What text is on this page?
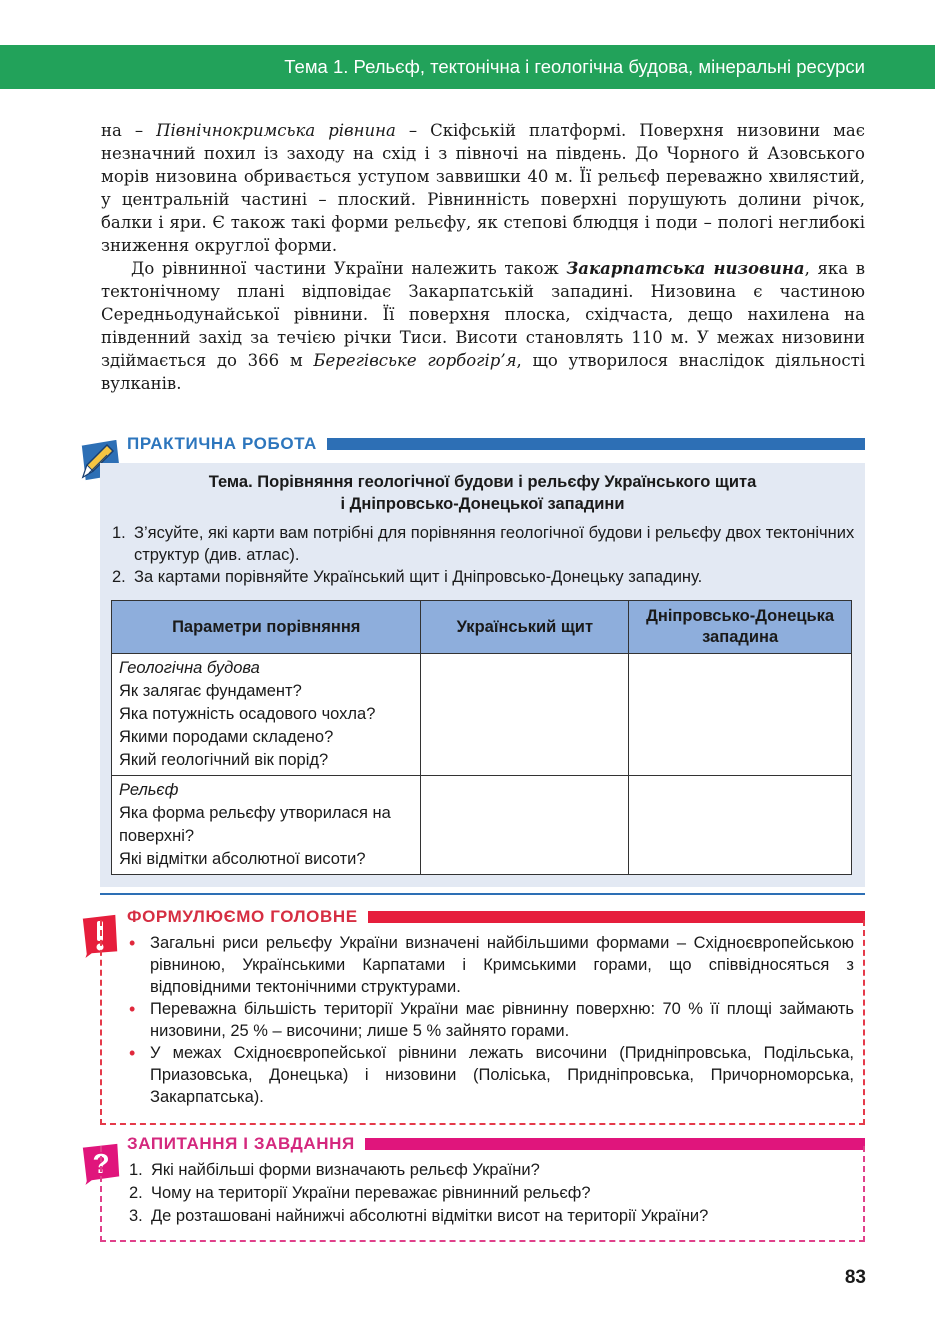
Тема 1. Рельєф, тектонічна і геологічна будова, мінеральні ресурси

на – Північнокримська рівнина – Скіфській платформі. Поверхня низовини має незначний похил із заходу на схід і з півночі на південь. До Чорного й Азовського морів низовина обривається уступом заввишки 40 м. Її рельєф переважно хвилястий, у центральній частині – плоский. Рівнинність поверхні порушують долини річок, балки і яри. Є також такі форми рельєфу, як степові блюдця і поди – пологі неглибокі зниження округлої форми.

До рівнинної частини України належить також Закарпатська низовина, яка в тектонічному плані відповідає Закарпатській западині. Низовина є частиною Середньодунайської рівнини. Її поверхня плоска, східчаста, дещо нахилена на південний захід за течією річки Тиси. Висоти становлять 110 м. У межах низовини здіймається до 366 м Берегівське горбогір’я, що утворилося внаслідок діяльності вулканів.

ПРАКТИЧНА РОБОТА
Тема. Порівняння геологічної будови і рельєфу Українського щита
і Дніпровсько-Донецької западини
1. З’ясуйте, які карти вам потрібні для порівняння геологічної будови і рельєфу двох тектонічних структур (див. атлас).
2. За картами порівняйте Український щит і Дніпровсько-Донецьку западину.
Параметри порівняння	Український щит	Дніпровсько-Донецька западина

Геологічна будова
Як залягає фундамент?
Яка потужність осадового чохла?
Якими породами складено?
Який геологічний вік порід?		

Рельєф
Яка форма рельєфу утворилася на поверхні?
Які відмітки абсолютної висоти?		

ФОРМУЛЮЄМО ГОЛОВНЕ
• Загальні риси рельєфу України визначені найбільшими формами – Східноєвропейською рівниною, Українськими Карпатами і Кримськими горами, що співвідносяться з відповідними тектонічними структурами.
• Переважна більшість території України має рівнинну поверхню: 70 % її площі займають низовини, 25 % – височини; лише 5 % зайнято горами.
• У межах Східноєвропейської рівнини лежать височини (Придніпровська, Подільська, Приазовська, Донецька) і низовини (Поліська, Придніпровська, Причорноморська, Закарпатська).
?
ЗАПИТАННЯ І ЗАВДАННЯ
1. Які найбільші форми визначають рельєф України?
2. Чому на території України переважає рівнинний рельєф?
3. Де розташовані найнижчі абсолютні відмітки висот на території України?
83
